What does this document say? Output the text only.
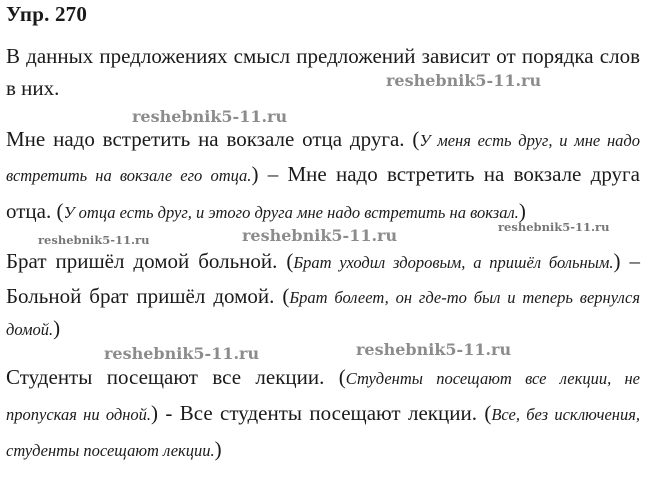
Упр. 270
В данных предложениях смысл предложений зависит от порядка слов
в них.
Мне надо встретить на вокзале отца друга. (У меня есть друг, и мне надо
встретить на вокзале его отца.) – Мне надо встретить на вокзале друга
отца. (У отца есть друг, и этого друга мне надо встретить на вокзал.)
Брат пришёл домой больной. (Брат уходил здоровым, а пришёл больным.) –
Больной брат пришёл домой. (Брат болеет, он где-то был и теперь вернулся
домой.)
Студенты посещают все лекции. (Студенты посещают все лекции, не
пропуская ни одной.) - Все студенты посещают лекции. (Все, без исключения,
студенты посещают лекции.)
reshebnik5-11.ru
reshebnik5-11.ru
reshebnik5-11.ru	reshebnik5-11.ru	reshebnik5-11.ru
reshebnik5-11.ru	reshebnik5-11.ru
